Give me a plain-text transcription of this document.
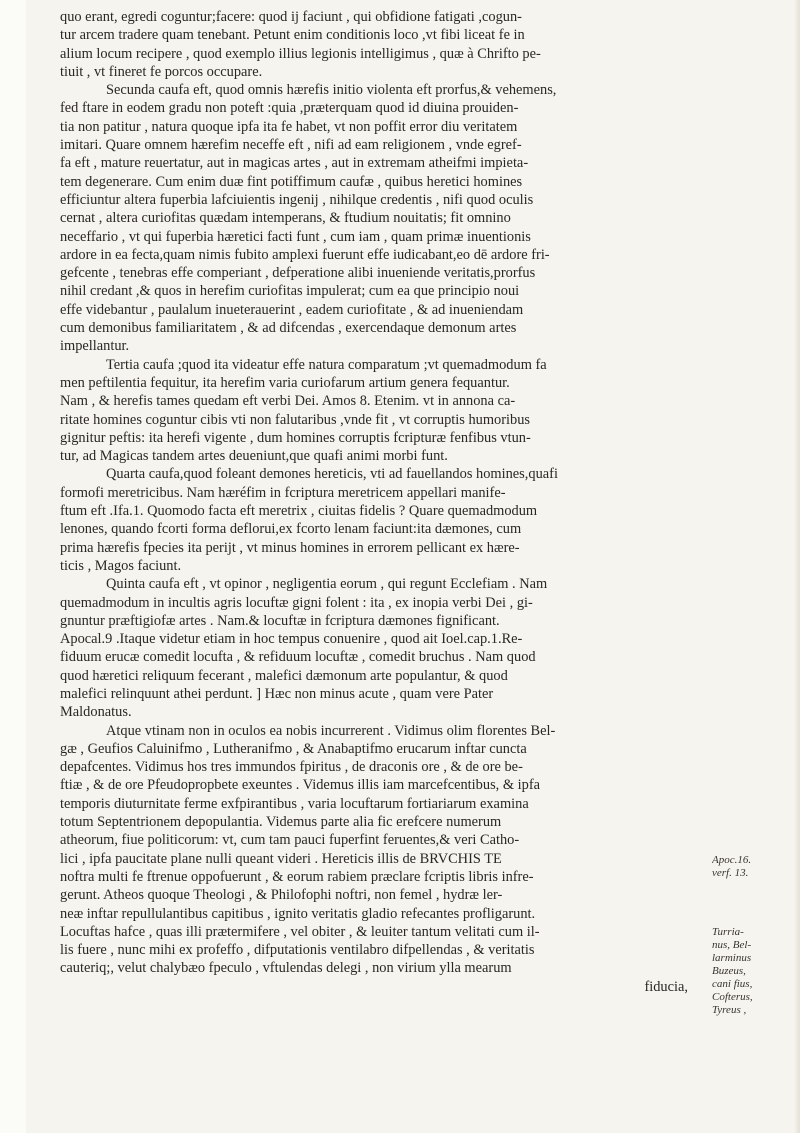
quo erant, egredi coguntur;facere: quod ij faciunt , qui obfidione fatigati ,cogun-
tur arcem tradere quam tenebant. Petunt enim conditionis loco ,vt fibi liceat fe in
alium locum recipere , quod exemplo illius legionis intelligimus , quæ à Chrifto pe-
tiuit , vt fineret fe porcos occupare.
Secunda caufa eft, quod omnis hærefis initio violenta eft prorfus,& vehemens,
fed ftare in eodem gradu non poteft :quia ,præterquam quod id diuina prouiden-
tia non patitur , natura quoque ipfa ita fe habet, vt non poffit error diu veritatem
imitari. Quare omnem hærefim neceffe eft , nifi ad eam religionem , vnde egref-
fa eft , mature reuertatur, aut in magicas artes , aut in extremam atheifmi impieta-
tem degenerare. Cum enim duæ fint potiffimum caufæ , quibus heretici homines
efficiuntur altera fuperbia lafciuientis ingenij , nihilque credentis , nifi quod oculis
cernat , altera curiofitas quædam intemperans, & ftudium nouitatis; fit omnino
neceffario , vt qui fuperbia hæretici facti funt , cum iam , quam primæ inuentionis
ardore in ea fecta,quam nimis fubito amplexi fuerunt effe iudicabant,eo dē ardore fri-
gefcente , tenebras effe comperiant , defperatione alibi inueniende veritatis,prorfus
nihil credant ,& quos in herefim curiofitas impulerat; cum ea que principio noui
effe videbantur , paulalum inueterauerint , eadem curiofitate , & ad inueniendam
cum demonibus familiaritatem , & ad difcendas , exercendaque demonum artes
impellantur.
Tertia caufa ;quod ita videatur effe natura comparatum ;vt quemadmodum fa
men peftilentia fequitur, ita herefim varia curiofarum artium genera fequantur.
Nam , & herefis tames quedam eft verbi Dei. Amos 8. Etenim. vt in annona ca-
ritate homines coguntur cibis vti non falutaribus ,vnde fit , vt corruptis humoribus
gignitur peftis: ita herefi vigente , dum homines corruptis fcripturæ fenfibus vtun-
tur, ad Magicas tandem artes deueniunt,que quafi animi morbi funt.
Quarta caufa,quod foleant demones hereticis, vti ad fauellandos homines,quafi
formofi meretricibus. Nam hæréfim in fcriptura meretricem appellari manife-
ftum eft .Ifa.1. Quomodo facta eft meretrix , ciuitas fidelis ? Quare quemadmodum
lenones, quando fcorti forma deflorui,ex fcorto lenam faciunt:ita dæmones, cum
prima hærefis fpecies ita perijt , vt minus homines in errorem pellicant ex hære-
ticis , Magos faciunt.
Quinta caufa eft , vt opinor , negligentia eorum , qui regunt Ecclefiam . Nam
quemadmodum in incultis agris locuftæ gigni folent : ita , ex inopia verbi Dei , gi-
gnuntur præftigiofæ artes . Nam.& locuftæ in fcriptura dæmones fignificant.
Apocal.9 .Itaque videtur etiam in hoc tempus conuenire , quod ait Ioel.cap.1.Re-
fiduum erucæ comedit locufta , & refiduum locuftæ , comedit bruchus . Nam quod
quod hæretici reliquum fecerant , malefici dæmonum arte populantur, & quod
malefici relinquunt athei perdunt. ] Hæc non minus acute , quam vere Pater
Maldonatus.
Atque vtinam non in oculos ea nobis incurrerent . Vidimus olim florentes Bel-
gæ , Geufios Caluinifmo , Lutheranifmo , & Anabaptifmo erucarum inftar cuncta
depafcentes. Vidimus hos tres immundos fpiritus , de draconis ore , & de ore be-
ftiæ , & de ore Pfeudopropbete exeuntes . Videmus illis iam marcefcentibus, & ipfa
temporis diuturnitate ferme exfpirantibus , varia locuftarum fortiariarum examina
totum Septentrionem depopulantia. Videmus parte alia fic erefcere numerum
atheorum, fiue politicorum: vt, cum tam pauci fuperfint feruentes,& veri Catho-
lici , ipfa paucitate plane nulli queant videri . Hereticis illis de BRVCHIS TE
noftra multi fe ftrenue oppofuerunt , & eorum rabiem præclare fcriptis libris infre-
gerunt. Atheos quoque Theologi , & Philofophi noftri, non femel , hydræ ler-
neæ inftar repullulantibus capitibus , ignito veritatis gladio refecantes profligarunt.
Locuftas hafce , quas illi prætermifere , vel obiter , & leuiter tantum velitati cum il-
lis fuere , nunc mihi ex profeffo , difputationis ventilabro difpellendas , & veritatis
cauteriq;, velut chalybæo fpeculo , vftulendas delegi , non virium ylla mearum
fiducia,
Apoc.16.
verf. 13.
Turria-
nus, Bel-
larminus
Buzeus,
cani fius,
Cofterus,
Tyreus ,
